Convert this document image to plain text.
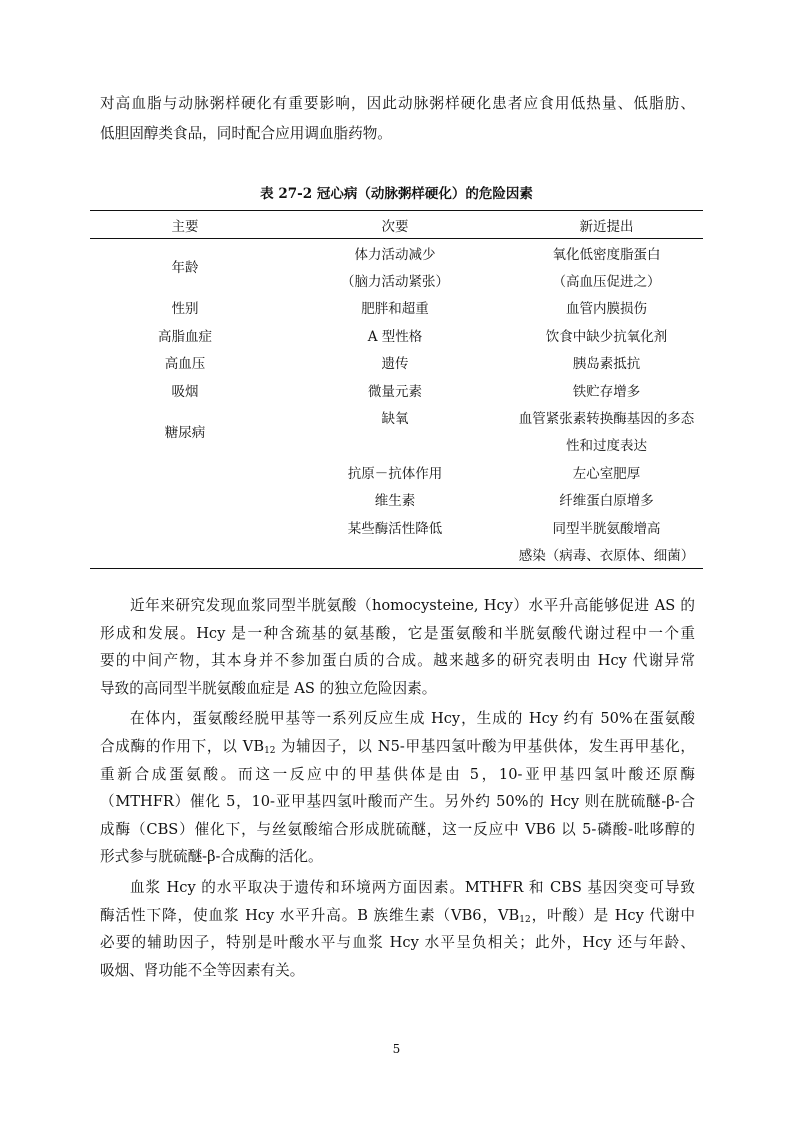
对高血脂与动脉粥样硬化有重要影响，因此动脉粥样硬化患者应食用低热量、低脂肪、
低胆固醇类食品，同时配合应用调血脂药物。
表 27-2 冠心病（动脉粥样硬化）的危险因素
主要	次要	新近提出
年龄	体力活动减少	氧化低密度脂蛋白
	（脑力活动紧张）	（高血压促进之）
性别	肥胖和超重	血管内膜损伤
高脂血症	A 型性格	饮食中缺少抗氧化剂
高血压	遗传	胰岛素抵抗
吸烟	微量元素	铁贮存增多
糖尿病	缺氧	血管紧张素转换酶基因的多态
		性和过度表达
	抗原－抗体作用	左心室肥厚
	维生素	纤维蛋白原增多
	某些酶活性降低	同型半胱氨酸增高
		感染（病毒、衣原体、细菌）
近年来研究发现血浆同型半胱氨酸（homocysteine, Hcy）水平升高能够促进 AS 的
形成和发展。Hcy 是一种含巯基的氨基酸，它是蛋氨酸和半胱氨酸代谢过程中一个重
要的中间产物，其本身并不参加蛋白质的合成。越来越多的研究表明由 Hcy 代谢异常
导致的高同型半胱氨酸血症是 AS 的独立危险因素。
在体内，蛋氨酸经脱甲基等一系列反应生成 Hcy，生成的 Hcy 约有 50%在蛋氨酸
合成酶的作用下，以 $VB_{12}$ 为辅因子，以 N5-甲基四氢叶酸为甲基供体，发生再甲基化，
重新合成蛋氨酸。而这一反应中的甲基供体是由 5，10-亚甲基四氢叶酸还原酶
（MTHFR）催化 5，10-亚甲基四氢叶酸而产生。另外约 50%的 Hcy 则在胱硫醚-β-合
成酶（CBS）催化下，与丝氨酸缩合形成胱硫醚，这一反应中 VB6 以 5-磷酸-吡哆醇的
形式参与胱硫醚-β-合成酶的活化。
血浆 Hcy 的水平取决于遗传和环境两方面因素。MTHFR 和 CBS 基因突变可导致
酶活性下降，使血浆 Hcy 水平升高。B 族维生素（VB6，$VB_{12}$，叶酸）是 Hcy 代谢中
必要的辅助因子，特别是叶酸水平与血浆 Hcy 水平呈负相关；此外，Hcy 还与年龄、
吸烟、肾功能不全等因素有关。
5
